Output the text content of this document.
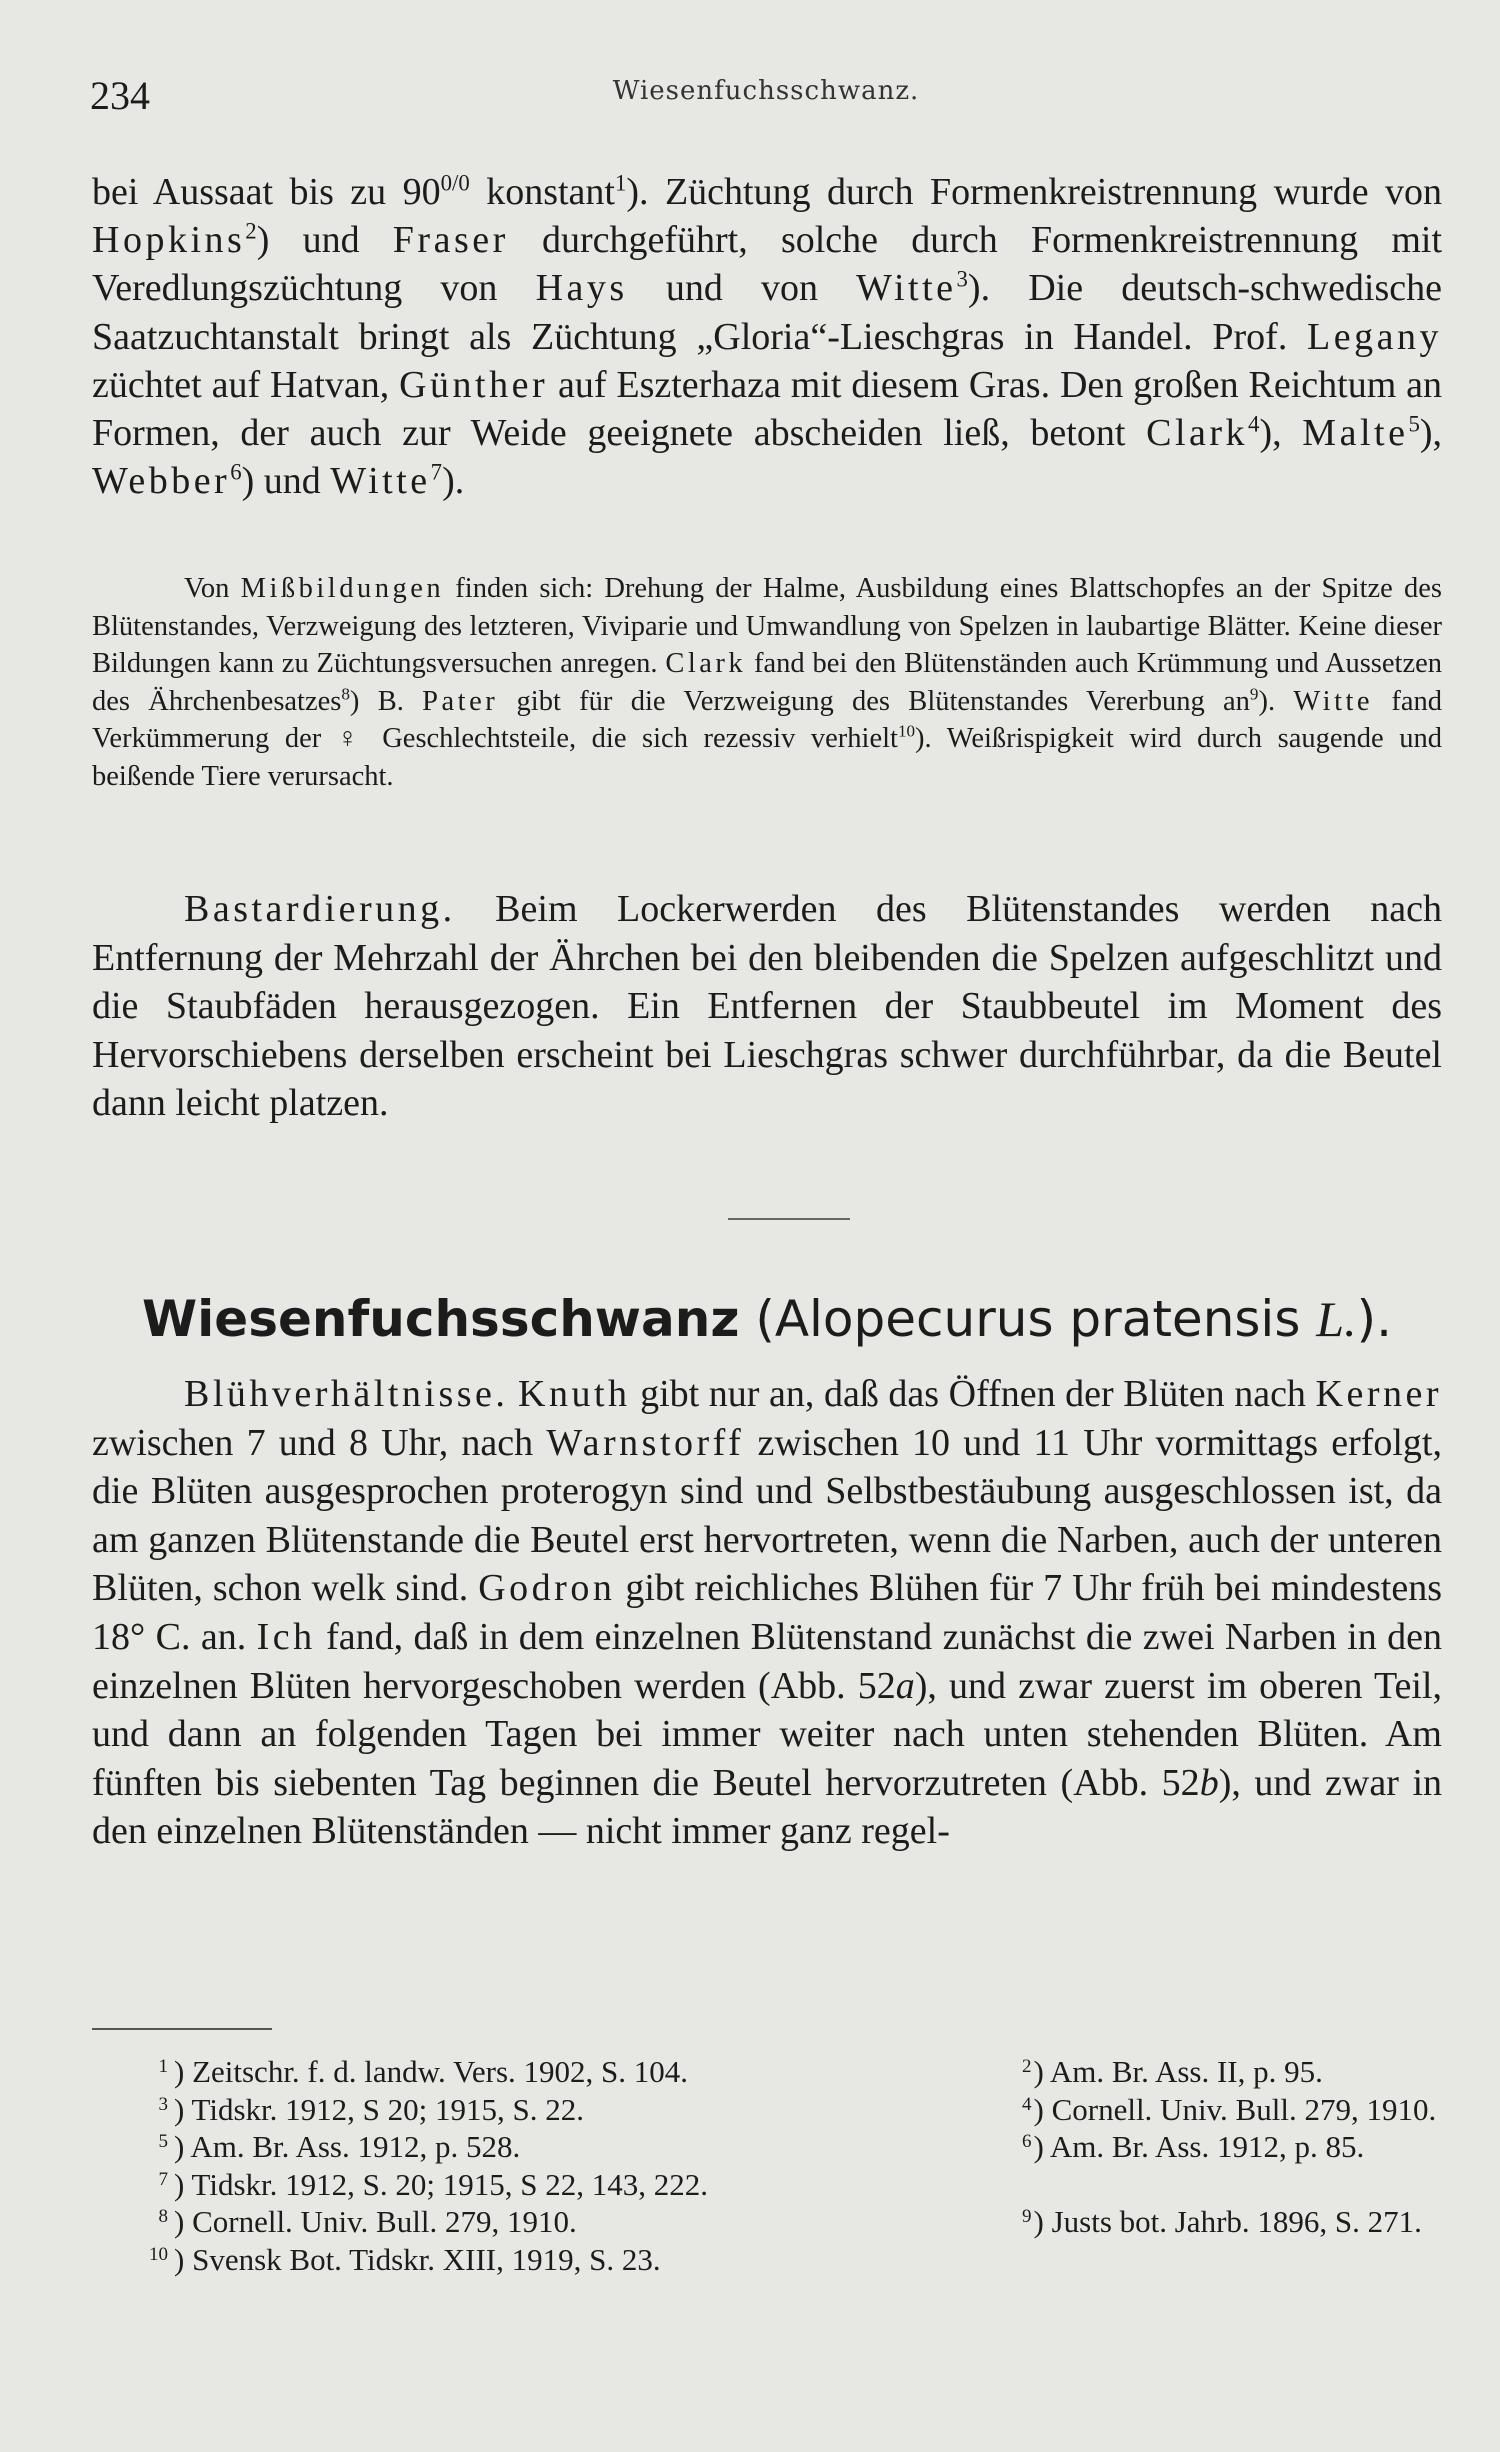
234	Wiesenfuchsschwanz.
bei Aussaat bis zu $90^{0/0}$ konstant$^1$). Züchtung durch Formenkreistrennung wurde von Hopkins$^2$) und Fraser durchgeführt, solche durch Formenkreistrennung mit Veredlungszüchtung von Hays und von Witte$^3$). Die deutsch-schwedische Saatzuchtanstalt bringt als Züchtung „Gloria“-Lieschgras in Handel. Prof. Legany züchtet auf Hatvan, Günther auf Eszterhaza mit diesem Gras. Den großen Reichtum an Formen, der auch zur Weide geeignete abscheiden ließ, betont Clark$^4$), Malte$^5$), Webber$^6$) und Witte$^7$).
Von Mißbildungen finden sich: Drehung der Halme, Ausbildung eines Blattschopfes an der Spitze des Blütenstandes, Verzweigung des letzteren, Viviparie und Umwandlung von Spelzen in laubartige Blätter. Keine dieser Bildungen kann zu Züchtungsversuchen anregen. Clark fand bei den Blütenständen auch Krümmung und Aussetzen des Ährchenbesatzes$^8$) B. Pater gibt für die Verzweigung des Blütenstandes Vererbung $an^9$). Witte fand Verkümmerung der ♀ Geschlechtsteile, die sich rezessiv verhielt$^{10}$). Weißrispigkeit wird durch saugende und beißende Tiere verursacht.
Bastardierung. Beim Lockerwerden des Blütenstandes werden nach Entfernung der Mehrzahl der Ährchen bei den bleibenden die Spelzen aufgeschlitzt und die Staubfäden herausgezogen. Ein Entfernen der Staubbeutel im Moment des Hervorschiebens derselben erscheint bei Lieschgras schwer durchführbar, da die Beutel dann leicht platzen.
Wiesenfuchsschwanz (Alopecurus pratensis L.).
Blühverhältnisse. Knuth gibt nur an, daß das Öffnen der Blüten nach Kerner zwischen 7 und 8 Uhr, nach Warnstorff zwischen 10 und 11 Uhr vormittags erfolgt, die Blüten ausgesprochen proterogyn sind und Selbstbestäubung ausgeschlossen ist, da am ganzen Blütenstande die Beutel erst hervortreten, wenn die Narben, auch der unteren Blüten, schon welk sind. Godron gibt reichliches Blühen für 7 Uhr früh bei mindestens 18° C. an. Ich fand, daß in dem einzelnen Blütenstand zunächst die zwei Narben in den einzelnen Blüten hervorgeschoben werden (Abb. 52a), und zwar zuerst im oberen Teil, und dann an folgenden Tagen bei immer weiter nach unten stehenden Blüten. Am fünften bis siebenten Tag beginnen die Beutel hervorzutreten (Abb. 52b), und zwar in den einzelnen Blütenständen — nicht immer ganz regel-
1 ) Zeitschr. f. d. landw. Vers. 1902, S. 104.	$^2$) Am. Br. Ass. II, p. 95.
3 ) Tidskr. 1912, S 20; 1915, S. 22.	$^4$) Cornell. Univ. Bull. 279, 1910.
5 ) Am. Br. Ass. 1912, p. 528.	$^6$) Am. Br. Ass. 1912, p. 85.
7 ) Tidskr. 1912, S. 20; 1915, S 22, 143, 222.
8 ) Cornell. Univ. Bull. 279, 1910.	$^9$) Justs bot. Jahrb. 1896, S. 271.
10 ) Svensk Bot. Tidskr. XIII, 1919, S. 23.
